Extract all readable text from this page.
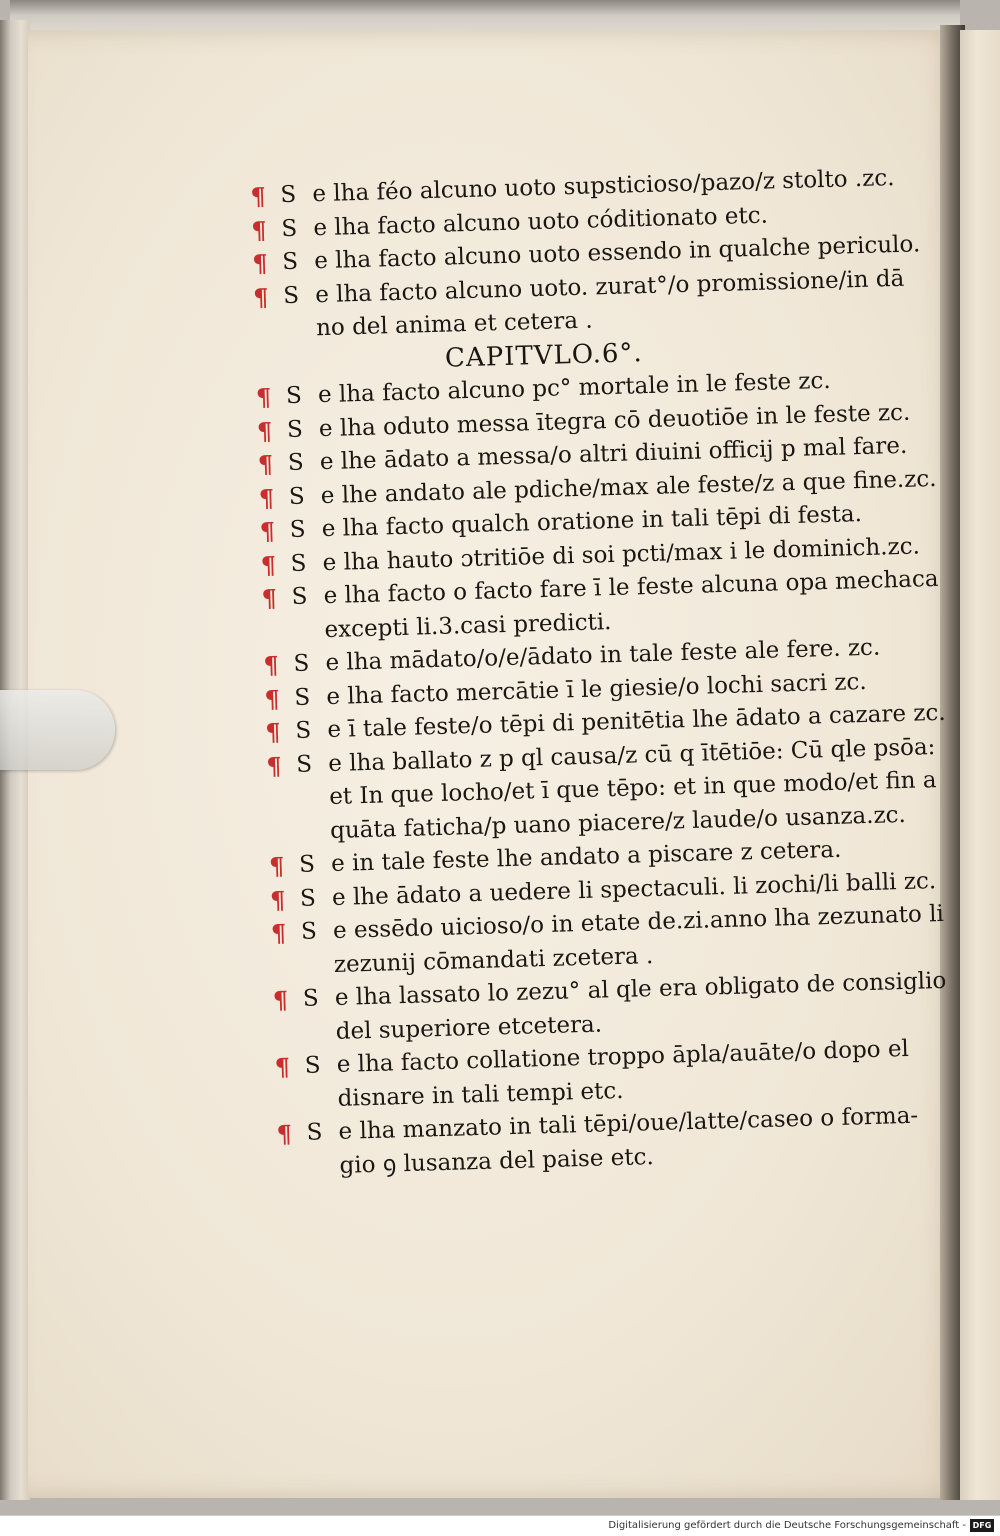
¶ S e lha féo alcuno uoto supsticioso/pazo/z stolto .zc.
¶ S e lha facto alcuno uoto códitionato etc.
¶ S e lha facto alcuno uoto essendo in qualche periculo.
¶ S e lha facto alcuno uoto. zurat°/o promissione/in dā
no del anima et cetera .
CAPITVLO.6°.
¶ S e lha facto alcuno pc° mortale in le feste zc.
¶ S e lha oduto messa ītegra cō deuotiōe in le feste zc.
¶ S e lhe ādato a messa/o altri diuini officij p mal fare.
¶ S e lhe andato ale pdiche/max ale feste/z a que fine.zc.
¶ S e lha facto qualch oratione in tali tēpi di festa.
¶ S e lha hauto ɔtritiōe di soi pcti/max i le dominich.zc.
¶ S e lha facto o facto fare ī le feste alcuna opa mechaca
excepti li.3.casi predicti.
¶ S e lha mādato/o/e/ādato in tale feste ale fere. zc.
¶ S e lha facto mercātie ī le giesie/o lochi sacri zc.
¶ S e ī tale feste/o tēpi di penitētia lhe ādato a cazare zc.
¶ S e lha ballato z p ql causa/z cū q ītētiōe: Cū qle psōa:
et In que locho/et ī que tēpo: et in que modo/et fin a
quāta faticha/p uano piacere/z laude/o usanza.zc.
¶ S e in tale feste lhe andato a piscare z cetera.
¶ S e lhe ādato a uedere li spectaculi. li zochi/li balli zc.
¶ S e essēdo uicioso/o in etate de.zi.anno lha zezunato li
zezunij cōmandati zcetera .
¶ S e lha lassato lo zezu° al qle era obligato de consiglio
del superiore etcetera.
¶ S e lha facto collatione troppo āpla/auāte/o dopo el
disnare in tali tempi etc.
¶ S e lha manzato in tali tēpi/oue/latte/caseo o forma-
gio ꝯ lusanza del paise etc.
Digitalisierung gefördert durch die Deutsche Forschungsgemeinschaft - DFG
